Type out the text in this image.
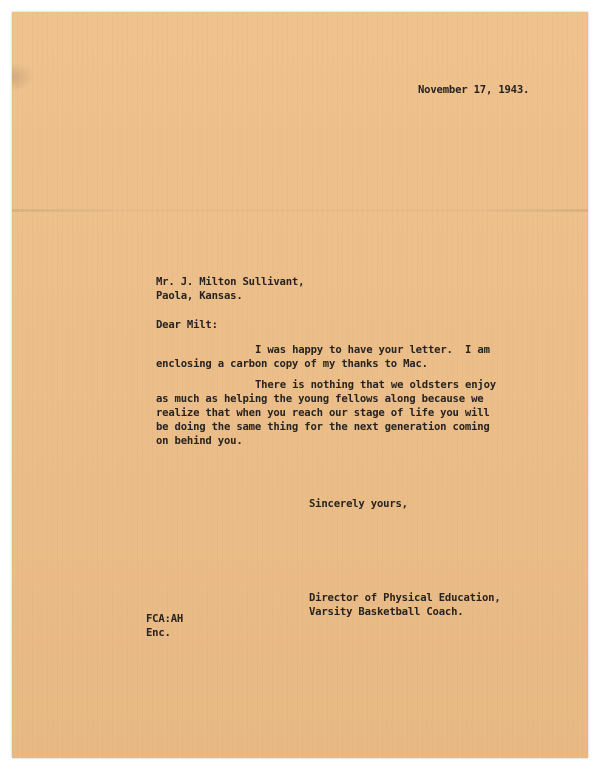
November 17, 1943.

Mr. J. Milton Sullivant,

Paola, Kansas.

Dear Milt:

I was happy to have your letter.  I am

enclosing a carbon copy of my thanks to Mac.

There is nothing that we oldsters enjoy

as much as helping the young fellows along because we

realize that when you reach our stage of life you will

be doing the same thing for the next generation coming

on behind you.

Sincerely yours,

Director of Physical Education,

Varsity Basketball Coach.

FCA:AH

Enc.
